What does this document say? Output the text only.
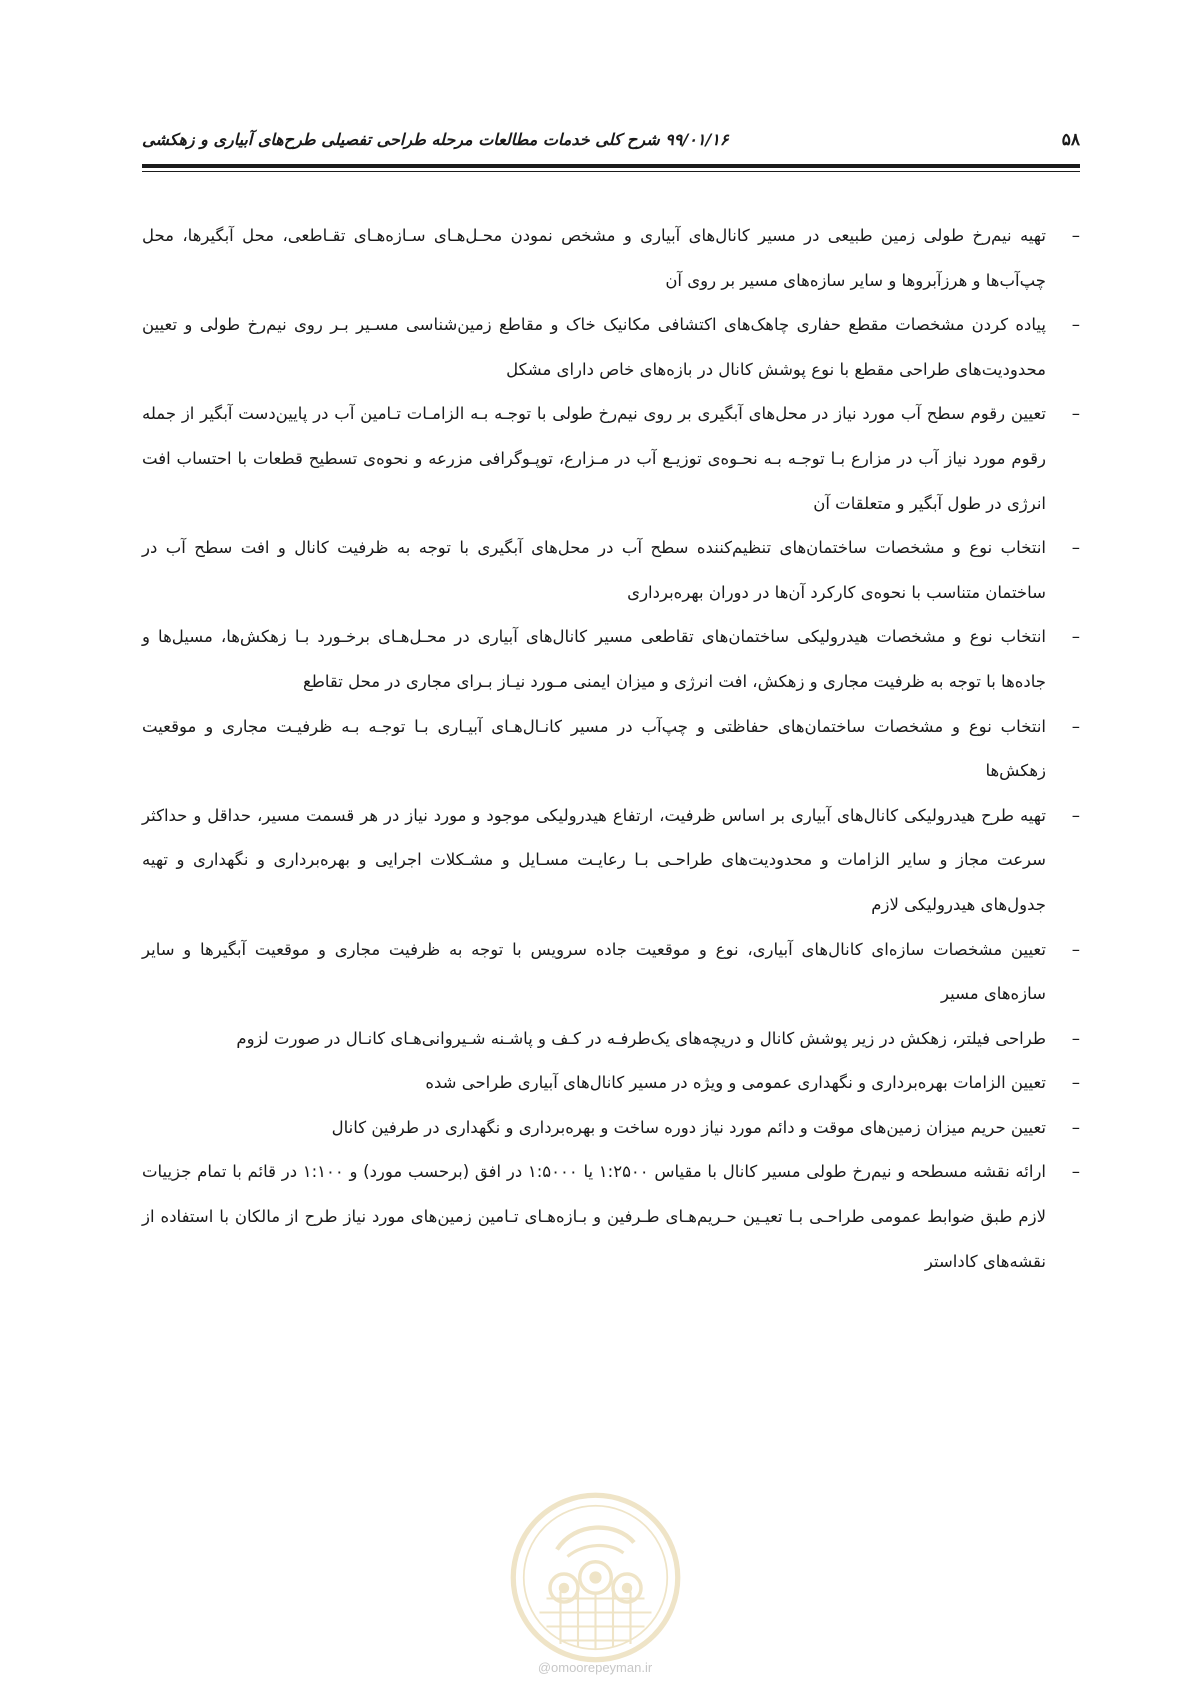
۹۹/۰۱/۱۶ شرح کلی خدمات مطالعات مرحله طراحی تفصیلی طرح‌های آبیاری و زهکشی	۵۸
–
تهیه نیم‌رخ طولی زمین طبیعی در مسیر کانال‌های آبیاری و مشخص نمودن محـل‌هـای سـازه‌هـای تقـاطعی، محل آبگیرها، محل چپ‌آب‌ها و هرزآبروها و سایر سازه‌های مسیر بر روی آن
–
پیاده کردن مشخصات مقطع حفاری چاهک‌های اکتشافی مکانیک خاک و مقاطع زمین‌شناسی مسـیر بـر روی نیم‌رخ طولی و تعیین محدودیت‌های طراحی مقطع با نوع پوشش کانال در بازه‌های خاص دارای مشکل
–
تعیین رقوم سطح آب مورد نیاز در محل‌های آبگیری بر روی نیم‌رخ طولی با توجـه بـه الزامـات تـامین آب در پایین‌دست آبگیر از جمله رقوم مورد نیاز آب در مزارع بـا توجـه بـه نحـوه‌ی توزیـع آب در مـزارع، توپـوگرافی مزرعه و نحوه‌ی تسطیح قطعات با احتساب افت انرژی در طول آبگیر و متعلقات آن
–
انتخاب نوع و مشخصات ساختمان‌های تنظیم‌کننده سطح آب در محل‌های آبگیری با توجه به ظرفیت کانال و افت سطح آب در ساختمان متناسب با نحوه‌ی کارکرد آن‌ها در دوران بهره‌برداری
–
انتخاب نوع و مشخصات هیدرولیکی ساختمان‌های تقاطعی مسیر کانال‌های آبیاری در محـل‌هـای برخـورد بـا زهکش‌ها، مسیل‌ها و جاده‌ها با توجه به ظرفیت مجاری و زهکش، افت انرژی و میزان ایمنی مـورد نیـاز بـرای مجاری در محل تقاطع
–
انتخاب نوع و مشخصات ساختمان‌های حفاظتی و چپ‌آب در مسیر کانـال‌هـای آبیـاری بـا توجـه بـه ظرفیـت مجاری و موقعیت زهکش‌ها
–
تهیه طرح هیدرولیکی کانال‌های آبیاری بر اساس ظرفیت، ارتفاع هیدرولیکی موجود و مورد نیاز در هر قسمت مسیر، حداقل و حداکثر سرعت مجاز و سایر الزامات و محدودیت‌های طراحـی بـا رعایـت مسـایل و مشـکلات اجرایی و بهره‌برداری و نگهداری و تهیه جدول‌های هیدرولیکی لازم
–
تعیین مشخصات سازه‌ای کانال‌های آبیاری، نوع و موقعیت جاده سرویس با توجه به ظرفیت مجاری و موقعیت آبگیرها و سایر سازه‌های مسیر
–
طراحی فیلتر، زهکش در زیر پوشش کانال و دریچه‌های یک‌طرفـه در کـف و پاشـنه شـیروانی‌هـای کانـال در صورت لزوم
–
تعیین الزامات بهره‌برداری و نگهداری عمومی و ویژه در مسیر کانال‌های آبیاری طراحی شده
–
تعیین حریم میزان زمین‌های موقت و دائم مورد نیاز دوره ساخت و بهره‌برداری و نگهداری در طرفین کانال
–
ارائه نقشه مسطحه و نیم‌رخ طولی مسیر کانال با مقیاس ۱:۲۵۰۰ یا ۱:۵۰۰۰ در افق (برحسب مورد) و ۱:۱۰۰ در قائم با تمام جزییات لازم طبق ضوابط عمومی طراحـی بـا تعیـین حـریم‌هـای طـرفین و بـازه‌هـای تـامین زمین‌های مورد نیاز طرح از مالکان با استفاده از نقشه‌های کاداستر
@omoorepeyman.ir
